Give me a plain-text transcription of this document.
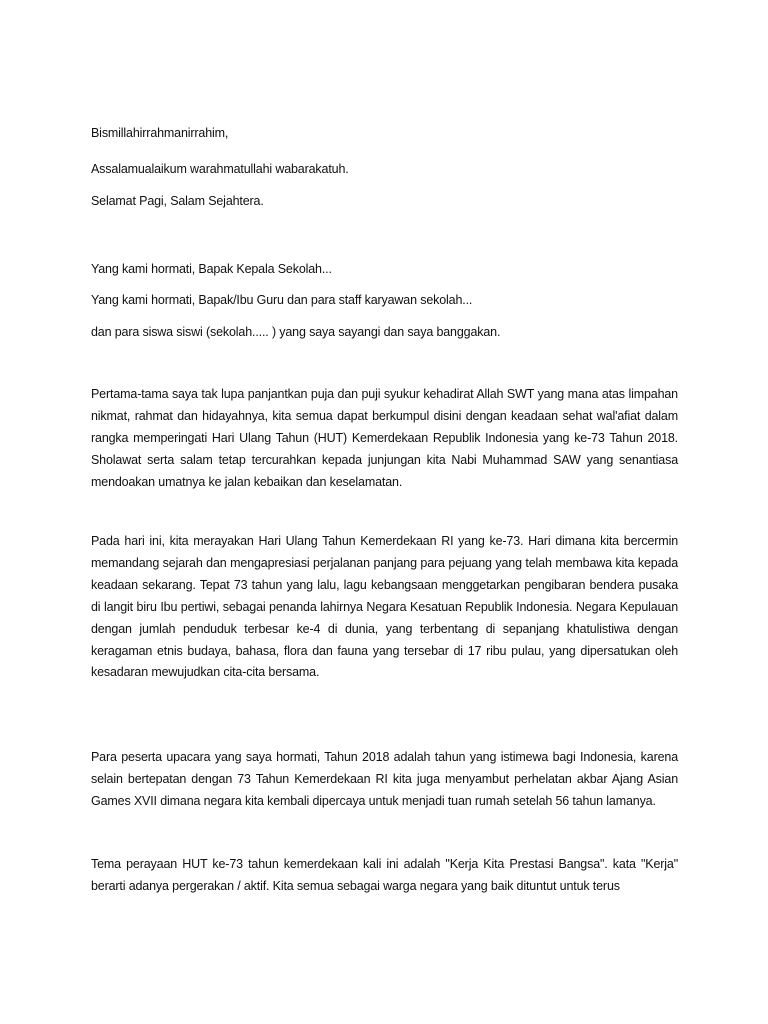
Bismillahirrahmanirrahim,
Assalamualaikum warahmatullahi wabarakatuh.
Selamat Pagi, Salam Sejahtera.
Yang kami hormati, Bapak Kepala Sekolah...
Yang kami hormati, Bapak/Ibu Guru dan para staff karyawan sekolah...
dan para siswa siswi (sekolah..... ) yang saya sayangi dan saya banggakan.
Pertama-tama saya tak lupa panjantkan puja dan puji syukur kehadirat Allah SWT yang mana atas limpahan nikmat, rahmat dan hidayahnya, kita semua dapat berkumpul disini dengan keadaan sehat wal'afiat dalam rangka memperingati Hari Ulang Tahun (HUT) Kemerdekaan Republik Indonesia yang ke-73 Tahun 2018. Sholawat serta salam tetap tercurahkan kepada junjungan kita Nabi Muhammad SAW yang senantiasa mendoakan umatnya ke jalan kebaikan dan keselamatan.
Pada hari ini, kita merayakan Hari Ulang Tahun Kemerdekaan RI yang ke-73. Hari dimana kita bercermin memandang sejarah dan mengapresiasi perjalanan panjang para pejuang yang telah membawa kita kepada keadaan sekarang. Tepat 73 tahun yang lalu, lagu kebangsaan menggetarkan pengibaran bendera pusaka di langit biru Ibu pertiwi, sebagai penanda lahirnya Negara Kesatuan Republik Indonesia. Negara Kepulauan dengan jumlah penduduk terbesar ke-4 di dunia, yang terbentang di sepanjang khatulistiwa dengan keragaman etnis budaya, bahasa, flora dan fauna yang tersebar di 17 ribu pulau, yang dipersatukan oleh kesadaran mewujudkan cita-cita bersama.
Para peserta upacara yang saya hormati, Tahun 2018 adalah tahun yang istimewa bagi Indonesia, karena selain bertepatan dengan 73 Tahun Kemerdekaan RI kita juga menyambut perhelatan akbar Ajang Asian Games XVII dimana negara kita kembali dipercaya untuk menjadi tuan rumah setelah 56 tahun lamanya.
Tema perayaan HUT ke-73 tahun kemerdekaan kali ini adalah "Kerja Kita Prestasi Bangsa". kata "Kerja" berarti adanya pergerakan / aktif. Kita semua sebagai warga negara yang baik dituntut untuk terus
